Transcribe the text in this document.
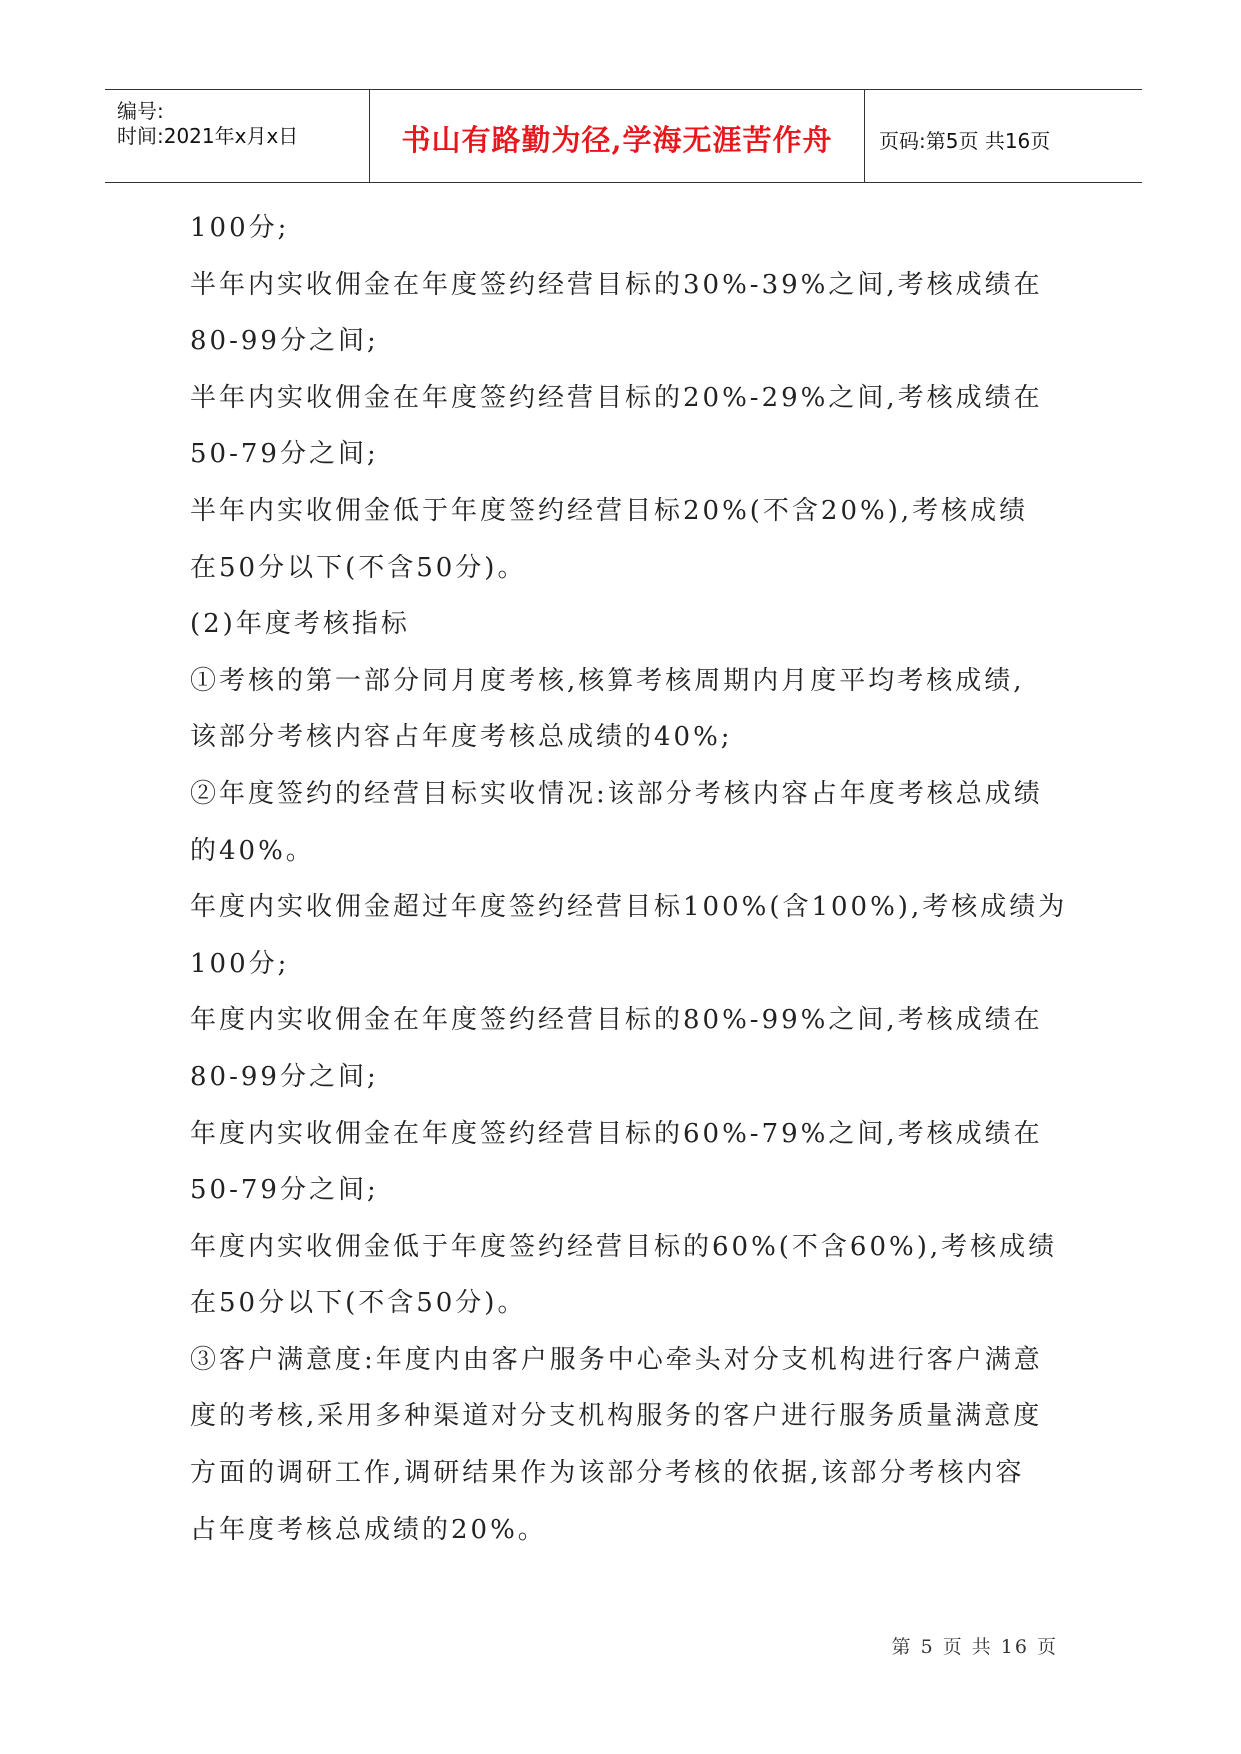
编号:
时间:2021年x月x日	书山有路勤为径,学海无涯苦作舟	页码:第5页 共16页
100分;
半年内实收佣金在年度签约经营目标的30%-39%之间,考核成绩在
80-99分之间;
半年内实收佣金在年度签约经营目标的20%-29%之间,考核成绩在
50-79分之间;
半年内实收佣金低于年度签约经营目标20%(不含20%),考核成绩
在50分以下(不含50分)。
(2)年度考核指标
①考核的第一部分同月度考核,核算考核周期内月度平均考核成绩,
该部分考核内容占年度考核总成绩的40%;
②年度签约的经营目标实收情况:该部分考核内容占年度考核总成绩
的40%。
年度内实收佣金超过年度签约经营目标100%(含100%),考核成绩为
100分;
年度内实收佣金在年度签约经营目标的80%-99%之间,考核成绩在
80-99分之间;
年度内实收佣金在年度签约经营目标的60%-79%之间,考核成绩在
50-79分之间;
年度内实收佣金低于年度签约经营目标的60%(不含60%),考核成绩
在50分以下(不含50分)。
③客户满意度:年度内由客户服务中心牵头对分支机构进行客户满意
度的考核,采用多种渠道对分支机构服务的客户进行服务质量满意度
方面的调研工作,调研结果作为该部分考核的依据,该部分考核内容
占年度考核总成绩的20%。
第 5 页 共 16 页
